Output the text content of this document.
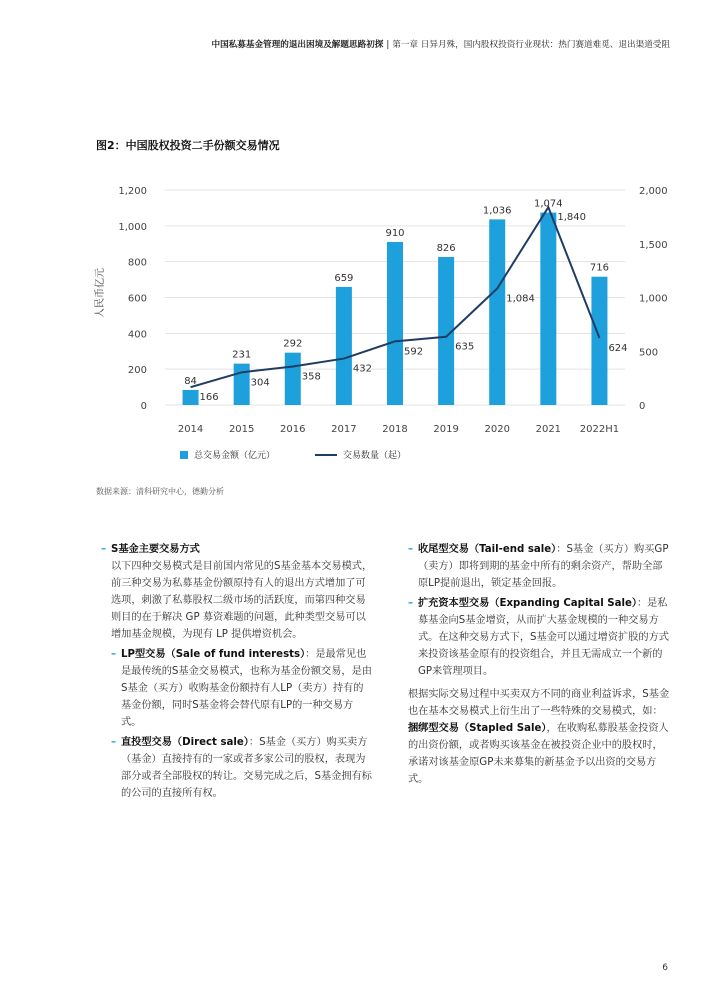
中国私募基金管理的退出困境及解题思路初探 | 第一章 日异月殊，国内股权投资行业现状：热门赛道难觅、退出渠道受阻
图2：中国股权投资二手份额交易情况
0
200
400
600
800
1,000
1,200
0
500
1,000
1,500
2,000
2014	2015	2016	2017	2018	2019	2020	2021 2022H1
84
231
292
659
910
826
1,036
1,074
716
166
304
358
432
592	635
1,084
1,840
624
人民币亿元
总交易金额（亿元）	交易数量（起）
数据来源：清科研究中心，德勤分析
– S基金主要交易方式
以下四种交易模式是目前国内常见的S基金基本交易模式，前三种交易为私募基金份额原持有人的退出方式增加了可选项，刺激了私募股权二级市场的活跃度，而第四种交易则目的在于解决 GP 募资难题的问题，此种类型交易可以增加基金规模，为现有 LP 提供增资机会。
– LP型交易（Sale of fund interests）：是最常见也是最传统的S基金交易模式，也称为基金份额交易，是由S基金（买方）收购基金份额持有人LP（卖方）持有的基金份额，同时S基金将会替代原有LP的一种交易方式。
– 直投型交易（Direct sale）：S基金（买方）购买卖方（基金）直接持有的一家或者多家公司的股权，表现为部分或者全部股权的转让。交易完成之后，S基金拥有标的公司的直接所有权。
– 收尾型交易（Tail-end sale）：S基金（买方）购买GP（卖方）即将到期的基金中所有的剩余资产，帮助全部原LP提前退出，锁定基金回报。
– 扩充资本型交易（Expanding Capital Sale）：是私募基金向S基金增资，从而扩大基金规模的一种交易方式。在这种交易方式下，S基金可以通过增资扩股的方式来投资该基金原有的投资组合，并且无需成立一个新的GP来管理项目。
根据实际交易过程中买卖双方不同的商业利益诉求，S基金也在基本交易模式上衍生出了一些特殊的交易模式，如：捆绑型交易（Stapled Sale），在收购私募股基金投资人的出资份额，或者购买该基金在被投资企业中的股权时，承诺对该基金原GP未来募集的新基金予以出资的交易方式。
6
